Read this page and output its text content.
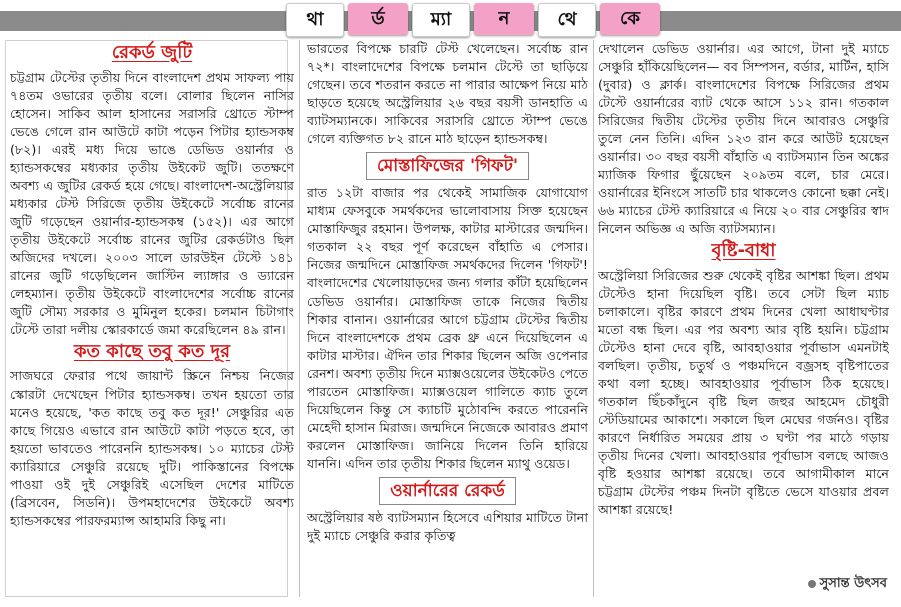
থা	র্ড	ম্যা	ন	থে	কে
রেকর্ড জুটি

চট্টগ্রাম টেস্টের তৃতীয় দিনে বাংলাদেশ প্রথম সাফল্য পায় ৭৪তম ওভারের তৃতীয় বলে। বোলার ছিলেন নাসির হোসেন। সাকিব আল হাসানের সরাসরি থ্রোতে স্টাম্প ভেঙে গেলে রান আউটে কাটা পড়েন পিটার হ্যান্ডসকম্ব (৮২)। এরই মধ্য দিয়ে ভাঙে ডেভিড ওয়ার্নার ও হ্যান্ডসকম্বের মধ্যকার তৃতীয় উইকেট জুটি। ততক্ষণে অবশ্য এ জুটির রেকর্ড হয়ে গেছে। বাংলাদেশ-অস্ট্রেলিয়ার মধ্যকার টেস্ট সিরিজে তৃতীয় উইকেটে সর্বোচ্চ রানের জুটি গড়েছেন ওয়ার্নার-হ্যান্ডসকম্ব (১৫২)। এর আগে তৃতীয় উইকেটে সর্বোচ্চ রানের জুটির রেকর্ডটাও ছিল অজিদের দখলে। ২০০৩ সালে ডারউইন টেস্টে ১৪১ রানের জুটি গড়েছিলেন জাস্টিন ল্যাঙ্গার ও ড্যারেন লেহম্যান। তৃতীয় উইকেটে বাংলাদেশের সর্বোচ্চ রানের জুটি সৌম্য সরকার ও মুমিনুল হকের। চলমান চিটাগাং টেস্টে তারা দলীয় স্কোরকার্ডে জমা করেছিলেন ৪৯ রান।

কত কাছে তবু কত দূর

সাজঘরে ফেরার পথে জায়ান্ট স্ক্রিনে নিশ্চয় নিজের স্কোরটা দেখেছেন পিটার হ্যান্ডসকম্ব। তখন হয়তো তার মনেও হয়েছে, 'কত কাছে তবু কত দূর!' সেঞ্চুরির এত কাছে গিয়েও এভাবে রান আউটে কাটা পড়তে হবে, তা হয়তো ভাবতেও পারেননি হ্যান্ডসকম্ব। ১০ ম্যাচের টেস্ট ক্যারিয়ারে সেঞ্চুরি রয়েছে দুটি। পাকিস্তানের বিপক্ষে পাওয়া ওই দুই সেঞ্চুরিই এসেছিল দেশের মাটিতে (ব্রিসবেন, সিডনি)। উপমহাদেশের উইকেটে অবশ্য হ্যান্ডসকম্বের পারফরম্যান্স আহামরি কিছু না।

ভারতের বিপক্ষে চারটি টেস্ট খেলেছেন। সর্বোচ্চ রান ৭২*। বাংলাদেশের বিপক্ষে চলমান টেস্টে তা ছাড়িয়ে গেছেন। তবে শতরান করতে না পারার আক্ষেপ নিয়ে মাঠ ছাড়তে হয়েছে অস্ট্রেলিয়ার ২৬ বছর বয়সী ডানহাতি এ ব্যাটসম্যানকে। সাকিবের সরাসরি থ্রোতে স্টাম্প ভেঙে গেলে ব্যক্তিগত ৮২ রানে মাঠ ছাড়েন হ্যান্ডসকম্ব।

মোস্তাফিজের 'গিফট'

রাত ১২টা বাজার পর থেকেই সামাজিক যোগাযোগ মাধ্যম ফেসবুকে সমর্থকদের ভালোবাসায় সিক্ত হয়েছেন মোস্তাফিজুর রহমান। উপলক্ষ, কাটার মাস্টারের জন্মদিন। গতকাল ২২ বছর পূর্ণ করেছেন বাঁহাতি এ পেসার। নিজের জন্মদিনে মোস্তাফিজ সমর্থকদের দিলেন 'গিফট'! বাংলাদেশের খেলোয়াড়দের জন্য গলার কাঁটা হয়েছিলেন ডেভিড ওয়ার্নার। মোস্তাফিজ তাকে নিজের দ্বিতীয় শিকার বানান। ওয়ার্নারের আগে চট্টগ্রাম টেস্টের দ্বিতীয় দিনে বাংলাদেশকে প্রথম ব্রেক থ্রু এনে দিয়েছিলেন এ কাটার মাস্টার। ঐদিন তার শিকার ছিলেন অজি ওপেনার রেনশ। অবশ্য তৃতীয় দিনে ম্যাক্সওয়েলের উইকেটও পেতে পারতেন মোস্তাফিজ। ম্যাক্সওয়েল গালিতে ক্যাচ তুলে দিয়েছিলেন কিন্তু সে ক্যাচটি মুঠোবন্দি করতে পারেননি মেহেদী হাসান মিরাজ। জন্মদিনে নিজেকে আবারও প্রমাণ করলেন মোস্তাফিজ। জানিয়ে দিলেন তিনি হারিয়ে যাননি। এদিন তার তৃতীয় শিকার ছিলেন ম্যাথু ওয়েড।

ওয়ার্নারের রেকর্ড

অস্ট্রেলিয়ার ষষ্ঠ ব্যাটসম্যান হিসেবে এশিয়ার মাটিতে টানা দুই ম্যাচে সেঞ্চুরি করার কৃতিত্ব

দেখালেন ডেভিড ওয়ার্নার। এর আগে, টানা দুই ম্যাচে সেঞ্চুরি হাঁকিয়েছিলেন— বব সিম্পসন, বর্ডার, মার্টিন, হাসি (দুবার) ও ক্লার্ক। বাংলাদেশের বিপক্ষে সিরিজের প্রথম টেস্টে ওয়ার্নারের ব্যাট থেকে আসে ১১২ রান। গতকাল সিরিজের দ্বিতীয় টেস্টের তৃতীয় দিনে আবারও সেঞ্চুরি তুলে নেন তিনি। এদিন ১২৩ রান করে আউট হয়েছেন ওয়ার্নার। ৩০ বছর বয়সী বাঁহাতি এ ব্যাটসম্যান তিন অঙ্কের ম্যাজিক ফিগার ছুঁয়েছেন ২০৯তম বলে, চার মেরে। ওয়ার্নারের ইনিংসে সাতটি চার থাকলেও কোনো ছক্কা নেই। ৬৬ ম্যাচের টেস্ট ক্যারিয়ারে এ নিয়ে ২০ বার সেঞ্চুরির স্বাদ নিলেন অভিজ্ঞ এ অজি ব্যাটসম্যান।

বৃষ্টি-বাধা

অস্ট্রেলিয়া সিরিজের শুরু থেকেই বৃষ্টির আশঙ্কা ছিল। প্রথম টেস্টেও হানা দিয়েছিল বৃষ্টি। তবে সেটা ছিল ম্যাচ চলাকালে। বৃষ্টির কারণে প্রথম দিনের খেলা আধাঘণ্টার মতো বন্ধ ছিল। এর পর অবশ্য আর বৃষ্টি হয়নি। চট্টগ্রাম টেস্টেও হানা দেবে বৃষ্টি, আবহাওয়ার পূর্বাভাস এমনটাই বলছিল। তৃতীয়, চতুর্থ ও পঞ্চমদিনে বজ্রসহ বৃষ্টিপাতের কথা বলা হচ্ছে। আবহাওয়ার পূর্বাভাস ঠিক হয়েছে। গতকাল ছিঁচকাঁদুনে বৃষ্টি ছিল জহুর আহমেদ চৌধুরী স্টেডিয়ামের আকাশে। সকালে ছিল মেঘের গর্জনও। বৃষ্টির কারণে নির্ধারিত সময়ের প্রায় ৩ ঘণ্টা পর মাঠে গড়ায় তৃতীয় দিনের খেলা। আবহাওয়ার পূর্বাভাস বলছে আজও বৃষ্টি হওয়ার আশঙ্কা রয়েছে। তবে আগামীকাল মানে চট্টগ্রাম টেস্টের পঞ্চম দিনটা বৃষ্টিতে ভেসে যাওয়ার প্রবল আশঙ্কা রয়েছে!

সুসান্ত উৎসব
